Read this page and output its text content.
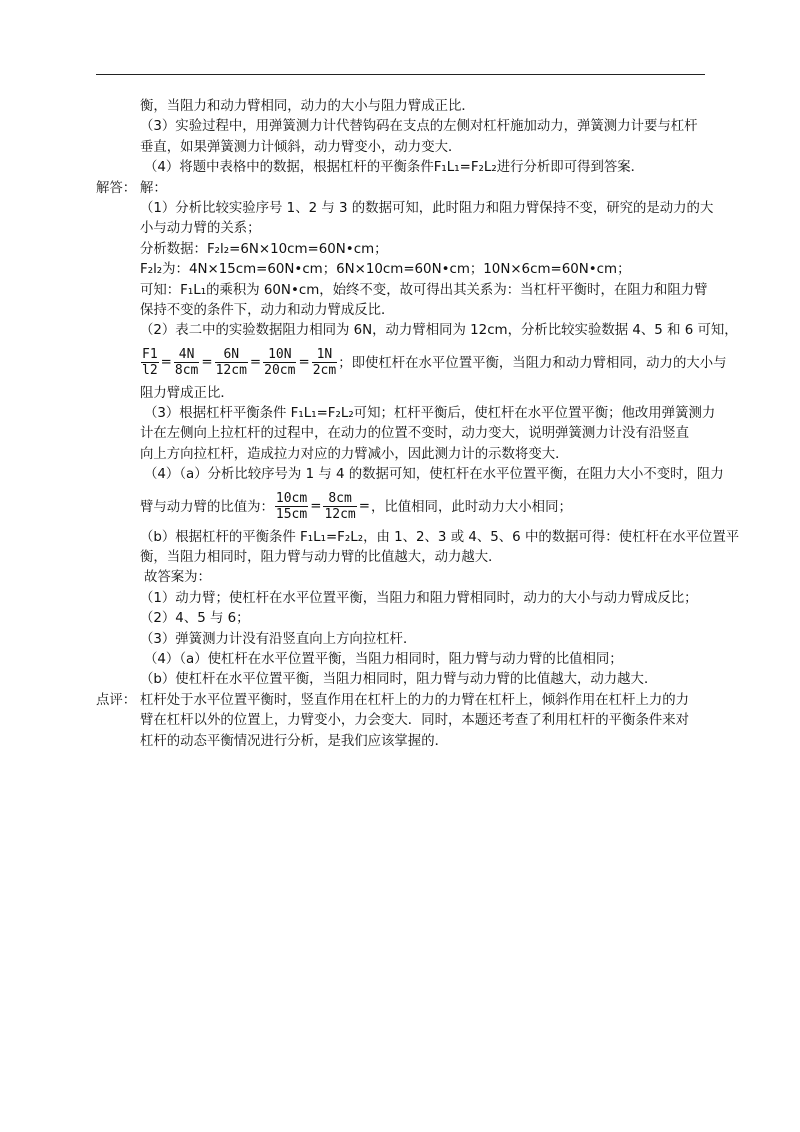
衡，当阻力和动力臂相同，动力的大小与阻力臂成正比．
（3）实验过程中，用弹簧测力计代替钩码在支点的左侧对杠杆施加动力，弹簧测力计要与杠杆
垂直，如果弹簧测力计倾斜，动力臂变小，动力变大．
（4）将题中表格中的数据，根据杠杆的平衡条件F₁L₁=F₂L₂进行分析即可得到答案．
解答： 解：
（1）分析比较实验序号 1、2 与 3 的数据可知，此时阻力和阻力臂保持不变，研究的是动力的大
小与动力臂的关系；
分析数据：F₂l₂=6N×10cm=60N•cm；
F₂l₂为：4N×15cm=60N•cm；6N×10cm=60N•cm；10N×6cm=60N•cm；
可知：F₁L₁的乘积为 60N•cm，始终不变，故可得出其关系为：当杠杆平衡时，在阻力和阻力臂
保持不变的条件下，动力和动力臂成反比．
（2）表二中的实验数据阻力相同为 6N，动力臂相同为 12cm，分析比较实验数据 4、5 和 6 可知，
$\frac{F1}{l2} = \frac{4N}{8cm} = \frac{6N}{12cm} = \frac{10N}{20cm} = \frac{1N}{2cm}$ ；即使杠杆在水平位置平衡，当阻力和动力臂相同，动力的大小与
阻力臂成正比．
（3）根据杠杆平衡条件 F₁L₁=F₂L₂可知；杠杆平衡后，使杠杆在水平位置平衡；他改用弹簧测力
计在左侧向上拉杠杆的过程中，在动力的位置不变时，动力变大，说明弹簧测力计没有沿竖直
向上方向拉杠杆，造成拉力对应的力臂减小，因此测力计的示数将变大．
（4）（a）分析比较序号为 1 与 4 的数据可知，使杠杆在水平位置平衡，在阻力大小不变时，阻力
臂与动力臂的比值为： $\frac{10cm}{15cm} = \frac{8cm}{12cm}$ =，比值相同，此时动力大小相同；
（b）根据杠杆的平衡条件 F₁L₁=F₂L₂，由 1、2、3 或 4、5、6 中的数据可得：使杠杆在水平位置平
衡，当阻力相同时，阻力臂与动力臂的比值越大，动力越大．
故答案为：
（1）动力臂；使杠杆在水平位置平衡，当阻力和阻力臂相同时，动力的大小与动力臂成反比；
（2）4、5 与 6；
（3）弹簧测力计没有沿竖直向上方向拉杠杆．
（4）（a）使杠杆在水平位置平衡，当阻力相同时，阻力臂与动力臂的比值相同；
（b）使杠杆在水平位置平衡，当阻力相同时，阻力臂与动力臂的比值越大，动力越大．
点评： 杠杆处于水平位置平衡时，竖直作用在杠杆上的力的力臂在杠杆上，倾斜作用在杠杆上力的力
臂在杠杆以外的位置上，力臂变小，力会变大．同时，本题还考查了利用杠杆的平衡条件来对
杠杆的动态平衡情况进行分析，是我们应该掌握的．
